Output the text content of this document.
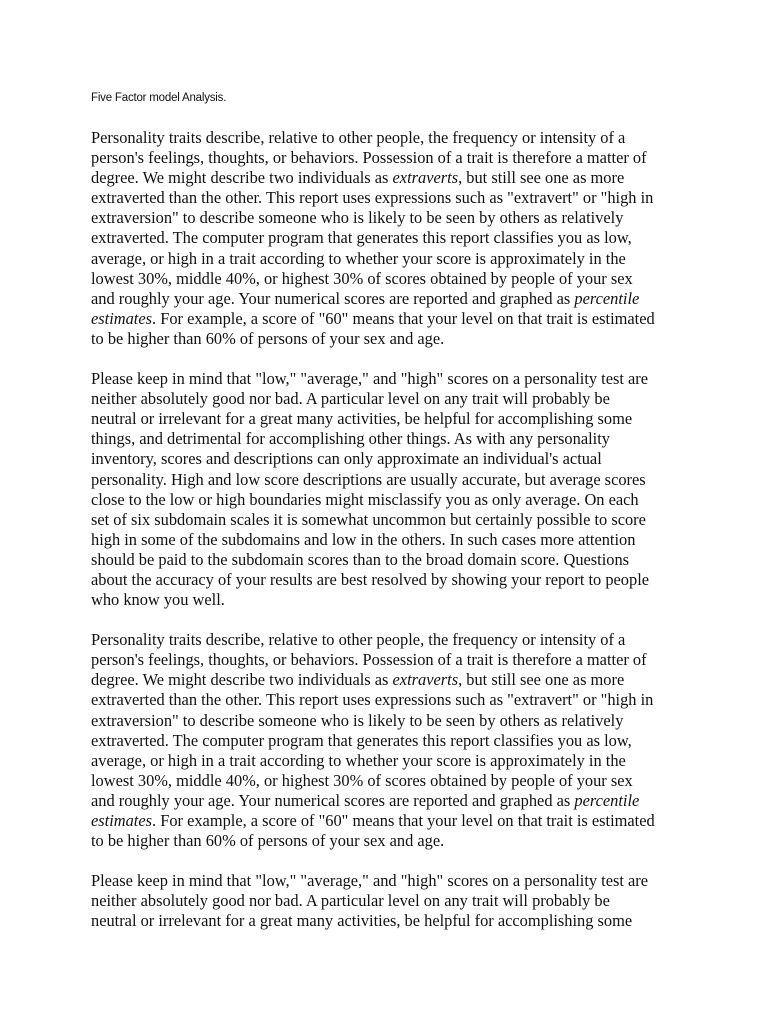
Five Factor model Analysis.

Personality traits describe, relative to other people, the frequency or intensity of a
person's feelings, thoughts, or behaviors. Possession of a trait is therefore a matter of
degree. We might describe two individuals as extraverts, but still see one as more
extraverted than the other. This report uses expressions such as "extravert" or "high in
extraversion" to describe someone who is likely to be seen by others as relatively
extraverted. The computer program that generates this report classifies you as low,
average, or high in a trait according to whether your score is approximately in the
lowest 30%, middle 40%, or highest 30% of scores obtained by people of your sex
and roughly your age. Your numerical scores are reported and graphed as percentile
estimates. For example, a score of "60" means that your level on that trait is estimated
to be higher than 60% of persons of your sex and age.

Please keep in mind that "low," "average," and "high" scores on a personality test are
neither absolutely good nor bad. A particular level on any trait will probably be
neutral or irrelevant for a great many activities, be helpful for accomplishing some
things, and detrimental for accomplishing other things. As with any personality
inventory, scores and descriptions can only approximate an individual's actual
personality. High and low score descriptions are usually accurate, but average scores
close to the low or high boundaries might misclassify you as only average. On each
set of six subdomain scales it is somewhat uncommon but certainly possible to score
high in some of the subdomains and low in the others. In such cases more attention
should be paid to the subdomain scores than to the broad domain score. Questions
about the accuracy of your results are best resolved by showing your report to people
who know you well.

Personality traits describe, relative to other people, the frequency or intensity of a
person's feelings, thoughts, or behaviors. Possession of a trait is therefore a matter of
degree. We might describe two individuals as extraverts, but still see one as more
extraverted than the other. This report uses expressions such as "extravert" or "high in
extraversion" to describe someone who is likely to be seen by others as relatively
extraverted. The computer program that generates this report classifies you as low,
average, or high in a trait according to whether your score is approximately in the
lowest 30%, middle 40%, or highest 30% of scores obtained by people of your sex
and roughly your age. Your numerical scores are reported and graphed as percentile
estimates. For example, a score of "60" means that your level on that trait is estimated
to be higher than 60% of persons of your sex and age.

Please keep in mind that "low," "average," and "high" scores on a personality test are
neither absolutely good nor bad. A particular level on any trait will probably be
neutral or irrelevant for a great many activities, be helpful for accomplishing some
